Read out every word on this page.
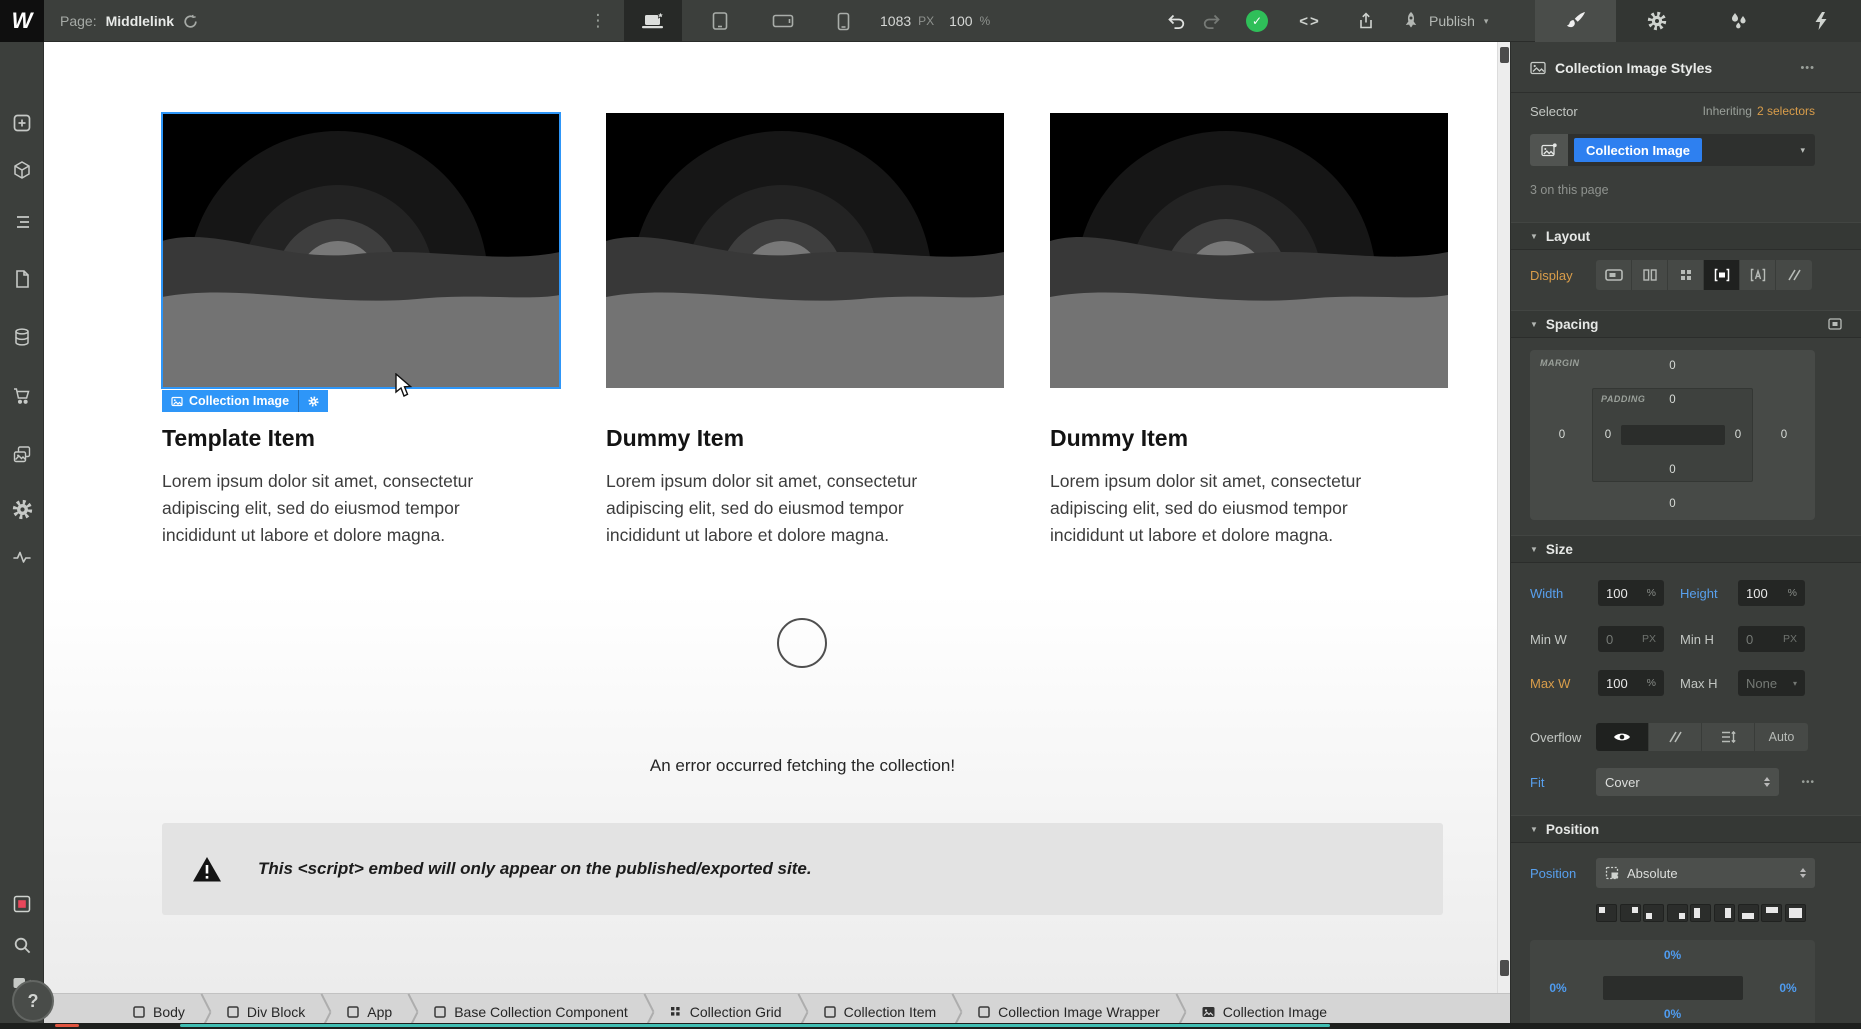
W	Page: Middlelink	⋮	1083 PX 100 %	✓ <>	Publish ▾
?
Collection Image
Template Item

Lorem ipsum dolor sit amet, consectetur adipiscing elit, sed do eiusmod tempor incididunt ut labore et dolore magna.

Dummy Item

Lorem ipsum dolor sit amet, consectetur adipiscing elit, sed do eiusmod tempor incididunt ut labore et dolore magna.

Dummy Item

Lorem ipsum dolor sit amet, consectetur adipiscing elit, sed do eiusmod tempor incididunt ut labore et dolore magna.

An error occurred fetching the collection!
This <script> embed will only appear on the published/exported site.
Body	Div Block	App	Base Collection Component	Collection Grid	Collection Item	Collection Image Wrapper	Collection Image
Collection Image Styles	•••
Selector	Inheriting 2 selectors
Collection Image	▾
3 on this page
▼ Layout
Display
▼ Spacing
MARGIN	0
0	0
0
PADDING 0
0	0
0
▼ Size
Width	100	% Height	100	%
Min W	0	PX Min H	0	PX
Max W	100	% Max H	None	▾
Overflow	Auto
Fit	Cover	•••
▼ Position
Position	Absolute
0%
0%	0%
0%
